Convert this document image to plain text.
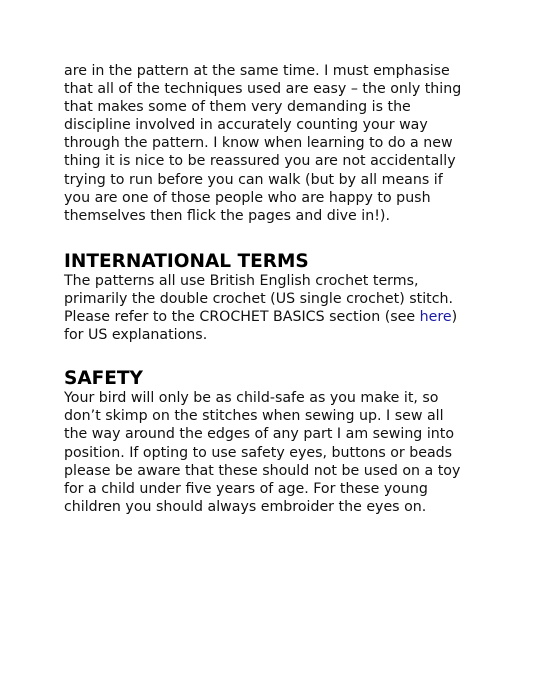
are in the pattern at the same time. I must emphasise
that all of the techniques used are easy – the only thing
that makes some of them very demanding is the
discipline involved in accurately counting your way
through the pattern. I know when learning to do a new
thing it is nice to be reassured you are not accidentally
trying to run before you can walk (but by all means if
you are one of those people who are happy to push
themselves then flick the pages and dive in!).

INTERNATIONAL TERMS

The patterns all use British English crochet terms,
primarily the double crochet (US single crochet) stitch.
Please refer to the CROCHET BASICS section (see here)
for US explanations.

SAFETY

Your bird will only be as child-safe as you make it, so
don’t skimp on the stitches when sewing up. I sew all
the way around the edges of any part I am sewing into
position. If opting to use safety eyes, buttons or beads
please be aware that these should not be used on a toy
for a child under five years of age. For these young
children you should always embroider the eyes on.
